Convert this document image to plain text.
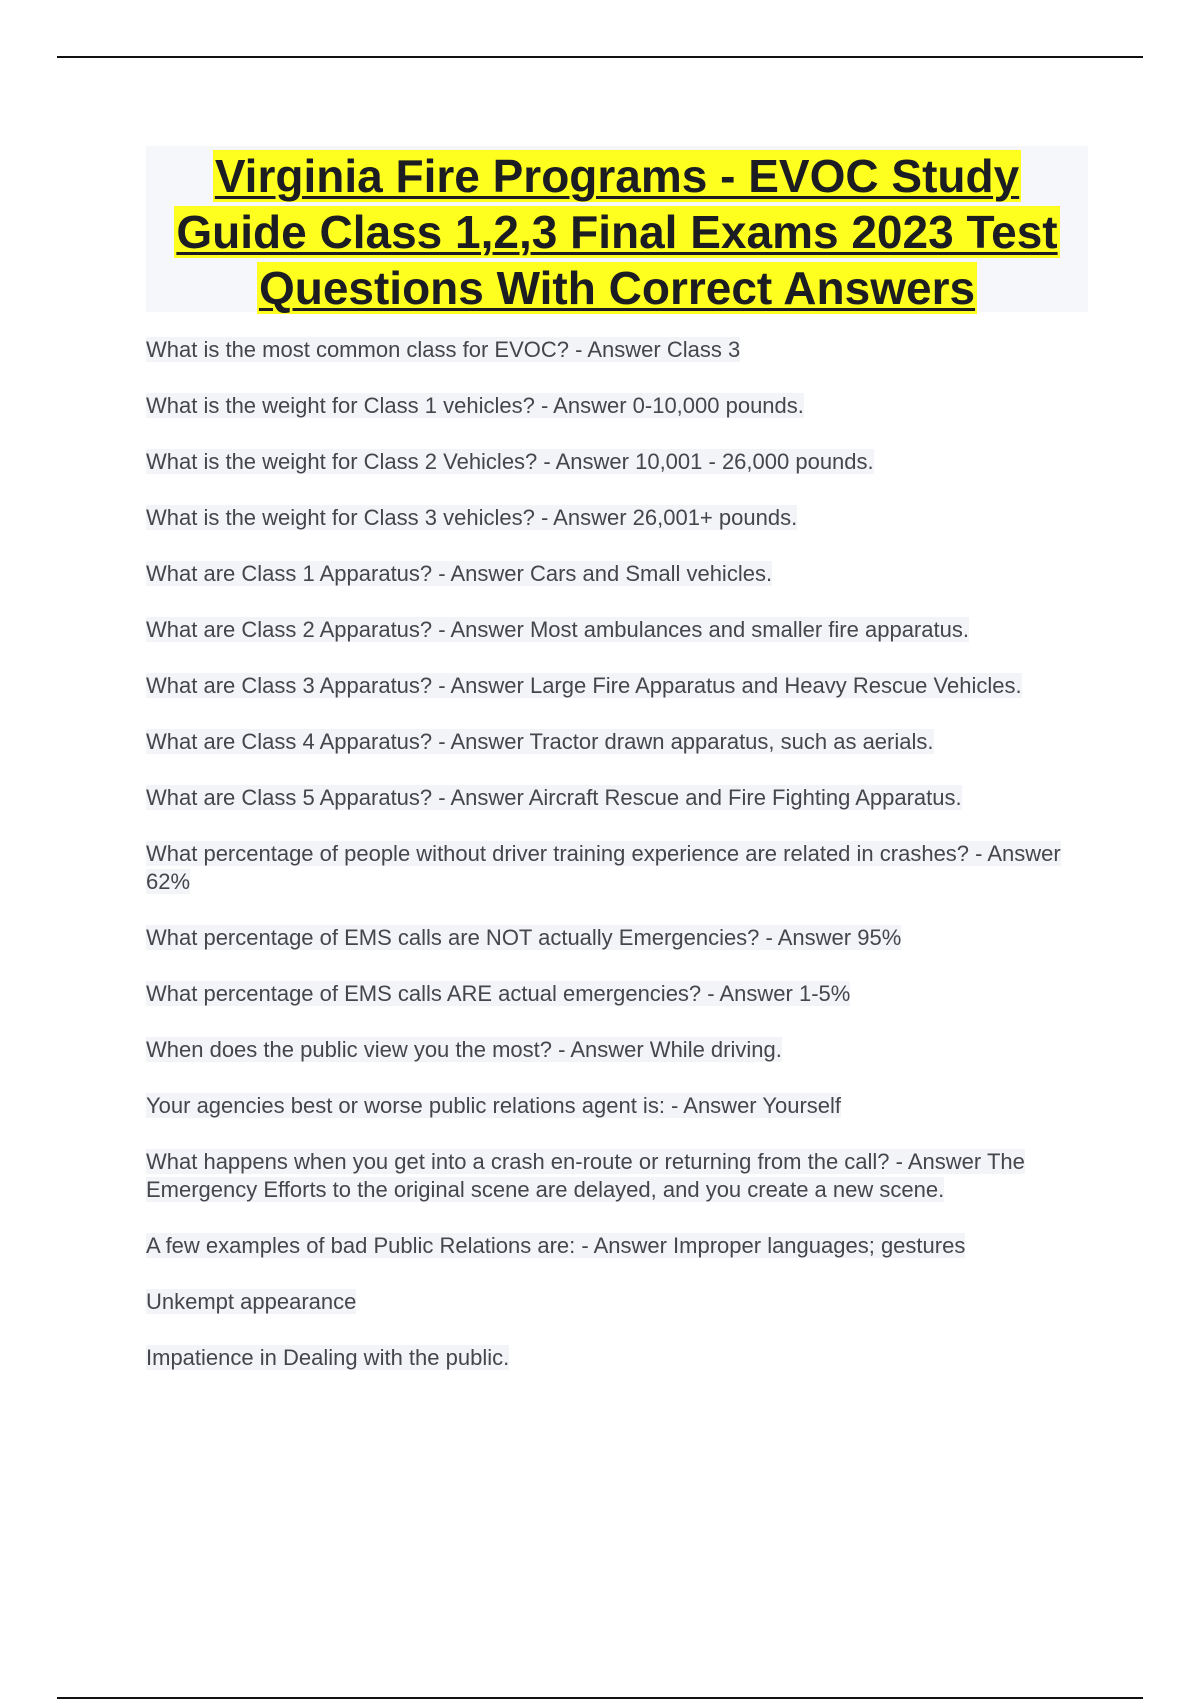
Virginia Fire Programs - EVOC Study Guide Class 1,2,3 Final Exams 2023 Test Questions With Correct Answers
What is the most common class for EVOC? - Answer Class 3
What is the weight for Class 1 vehicles? - Answer 0-10,000 pounds.
What is the weight for Class 2 Vehicles? - Answer 10,001 - 26,000 pounds.
What is the weight for Class 3 vehicles? - Answer 26,001+ pounds.
What are Class 1 Apparatus? - Answer Cars and Small vehicles.
What are Class 2 Apparatus? - Answer Most ambulances and smaller fire apparatus.
What are Class 3 Apparatus? - Answer Large Fire Apparatus and Heavy Rescue Vehicles.
What are Class 4 Apparatus? - Answer Tractor drawn apparatus, such as aerials.
What are Class 5 Apparatus? - Answer Aircraft Rescue and Fire Fighting Apparatus.
What percentage of people without driver training experience are related in crashes? - Answer 62%
What percentage of EMS calls are NOT actually Emergencies? - Answer 95%
What percentage of EMS calls ARE actual emergencies? - Answer 1-5%
When does the public view you the most? - Answer While driving.
Your agencies best or worse public relations agent is: - Answer Yourself
What happens when you get into a crash en-route or returning from the call? - Answer The Emergency Efforts to the original scene are delayed, and you create a new scene.
A few examples of bad Public Relations are: - Answer Improper languages; gestures
Unkempt appearance
Impatience in Dealing with the public.
